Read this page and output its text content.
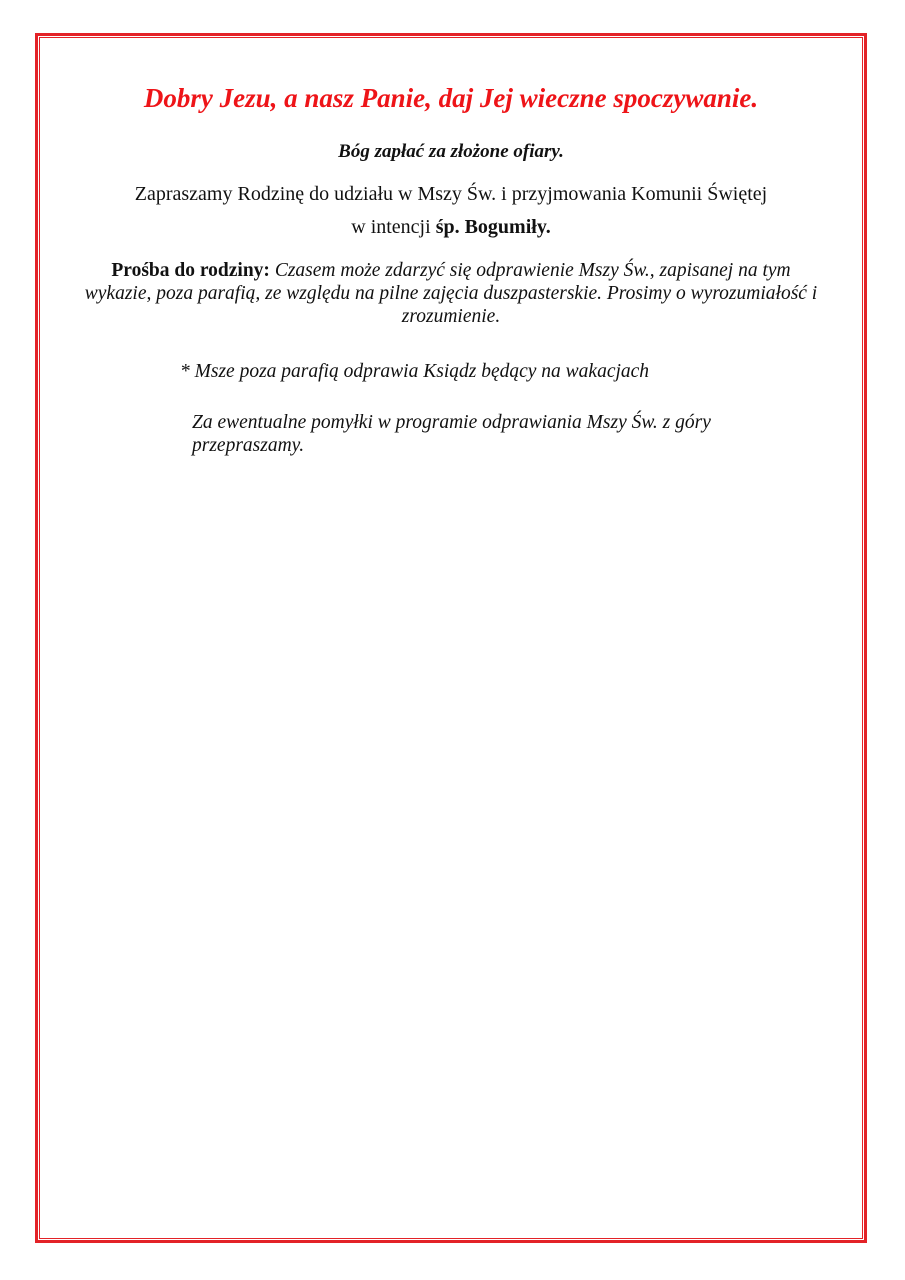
Dobry Jezu, a nasz Panie, daj Jej wieczne spoczywanie.
Bóg zapłać za złożone ofiary.
Zapraszamy Rodzinę do udziału w Mszy Św. i przyjmowania Komunii Świętej
w intencji śp. Bogumiły.
Prośba do rodziny: Czasem może zdarzyć się odprawienie Mszy Św., zapisanej na tym wykazie, poza parafią, ze względu na pilne zajęcia duszpasterskie. Prosimy o wyrozumiałość i zrozumienie.
* Msze poza parafią odprawia Ksiądz będący na wakacjach
Za ewentualne pomyłki w programie odprawiania Mszy Św. z góry przepraszamy.
